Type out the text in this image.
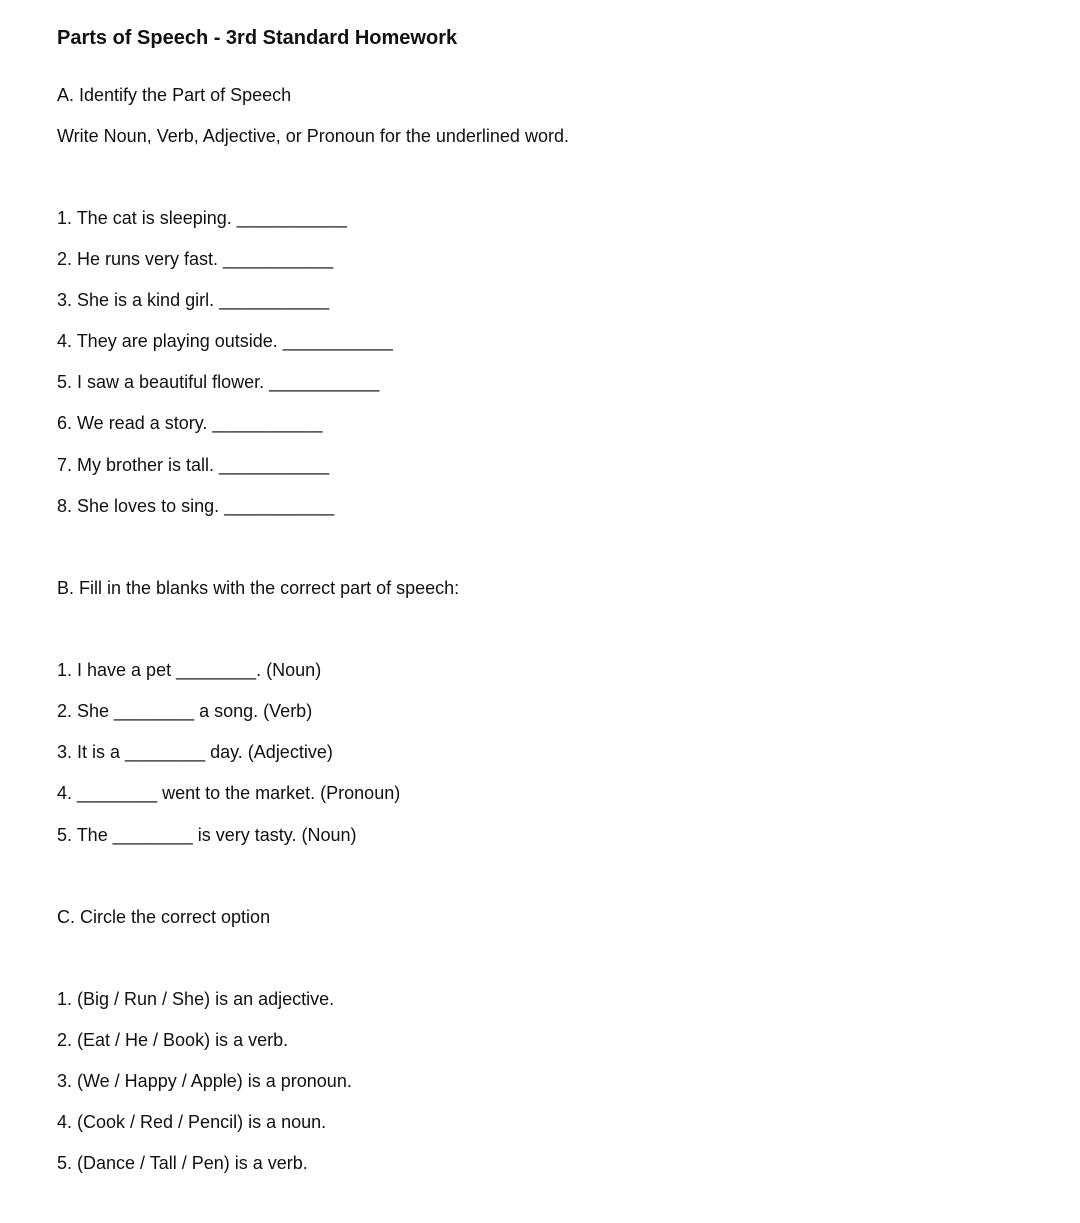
Parts of Speech - 3rd Standard Homework
A. Identify the Part of Speech
Write Noun, Verb, Adjective, or Pronoun for the underlined word.
1. The cat is sleeping. ___________
2. He runs very fast. ___________
3. She is a kind girl. ___________
4. They are playing outside. ___________
5. I saw a beautiful flower. ___________
6. We read a story. ___________
7. My brother is tall. ___________
8. She loves to sing. ___________
B. Fill in the blanks with the correct part of speech:
1. I have a pet ________. (Noun)
2. She ________ a song. (Verb)
3. It is a ________ day. (Adjective)
4. ________ went to the market. (Pronoun)
5. The ________ is very tasty. (Noun)
C. Circle the correct option
1. (Big / Run / She) is an adjective.
2. (Eat / He / Book) is a verb.
3. (We / Happy / Apple) is a pronoun.
4. (Cook / Red / Pencil) is a noun.
5. (Dance / Tall / Pen) is a verb.
